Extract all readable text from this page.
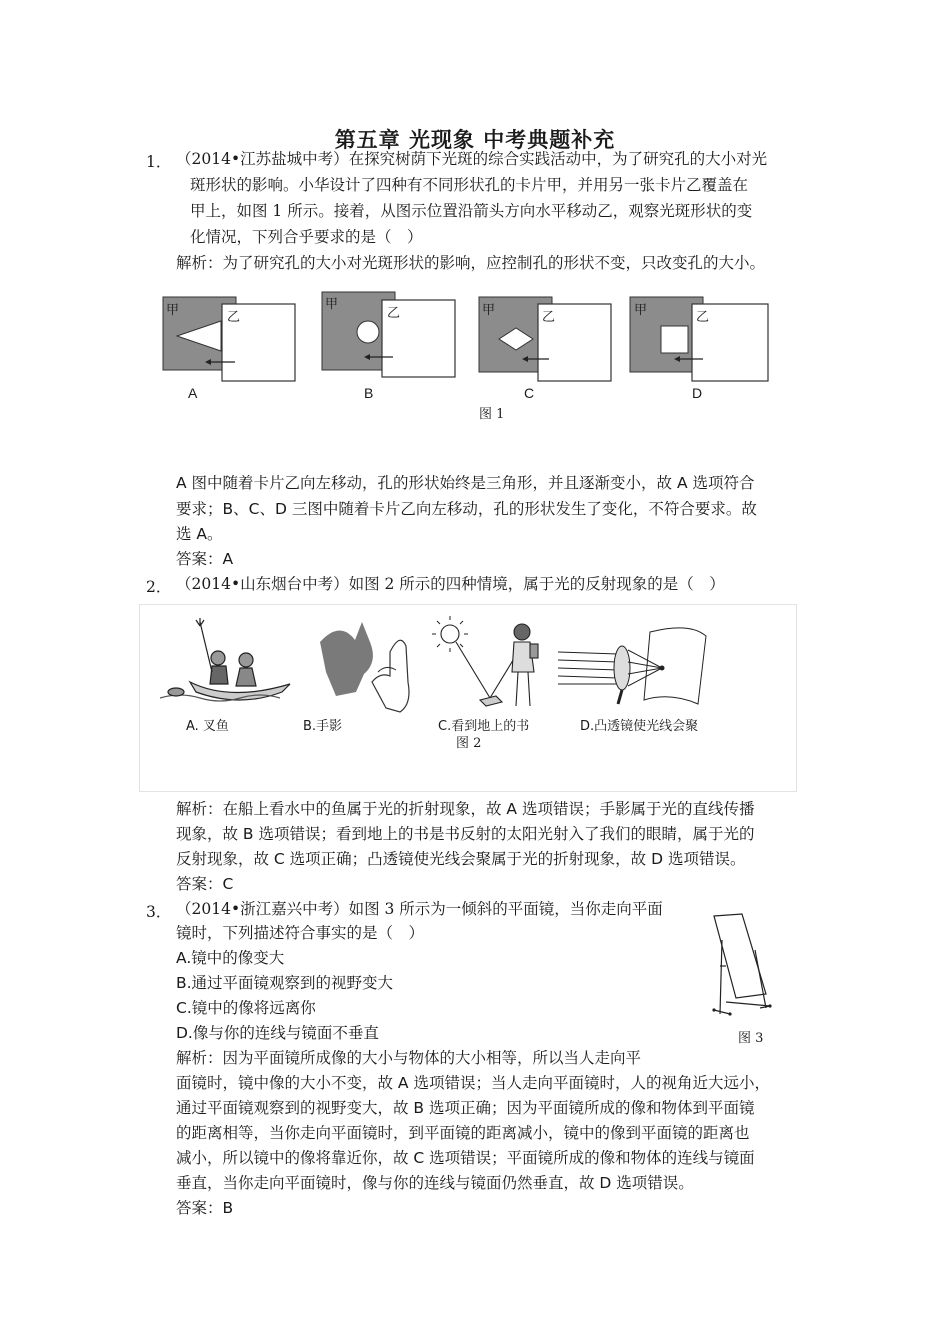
第五章 光现象 中考典题补充
1． （2014•江苏盐城中考）在探究树荫下光斑的综合实践活动中，为了研究孔的大小对光
斑形状的影响。小华设计了四种有不同形状孔的卡片甲，并用另一张卡片乙覆盖在
甲上，如图 1 所示。接着，从图示位置沿箭头方向水平移动乙，观察光斑形状的变
化情况，下列合乎要求的是（　）
解析：为了研究孔的大小对光斑形状的影响，应控制孔的形状不变，只改变孔的大小。
甲	乙
甲
乙	甲	乙	甲	乙
A	B	C	D
图 1
A 图中随着卡片乙向左移动，孔的形状始终是三角形，并且逐渐变小，故 A 选项符合
要求；B、C、D 三图中随着卡片乙向左移动，孔的形状发生了变化，不符合要求。故
选 A。
答案：A
2． （2014•山东烟台中考）如图 2 所示的四种情境，属于光的反射现象的是（　）
A. 叉鱼	B.手影	C.看到地上的书	D.凸透镜使光线会聚
图 2
解析：在船上看水中的鱼属于光的折射现象，故 A 选项错误；手影属于光的直线传播
现象，故 B 选项错误；看到地上的书是书反射的太阳光射入了我们的眼睛，属于光的
反射现象，故 C 选项正确；凸透镜使光线会聚属于光的折射现象，故 D 选项错误。
答案：C
3． （2014•浙江嘉兴中考）如图 3 所示为一倾斜的平面镜，当你走向平面
镜时，下列描述符合事实的是（　）
A.镜中的像变大
B.通过平面镜观察到的视野变大
C.镜中的像将远离你
D.像与你的连线与镜面不垂直	图 3
解析：因为平面镜所成像的大小与物体的大小相等，所以当人走向平
面镜时，镜中像的大小不变，故 A 选项错误；当人走向平面镜时，人的视角近大远小，
通过平面镜观察到的视野变大，故 B 选项正确；因为平面镜所成的像和物体到平面镜
的距离相等，当你走向平面镜时，到平面镜的距离减小，镜中的像到平面镜的距离也
减小，所以镜中的像将靠近你，故 C 选项错误；平面镜所成的像和物体的连线与镜面
垂直，当你走向平面镜时，像与你的连线与镜面仍然垂直，故 D 选项错误。
答案：B
